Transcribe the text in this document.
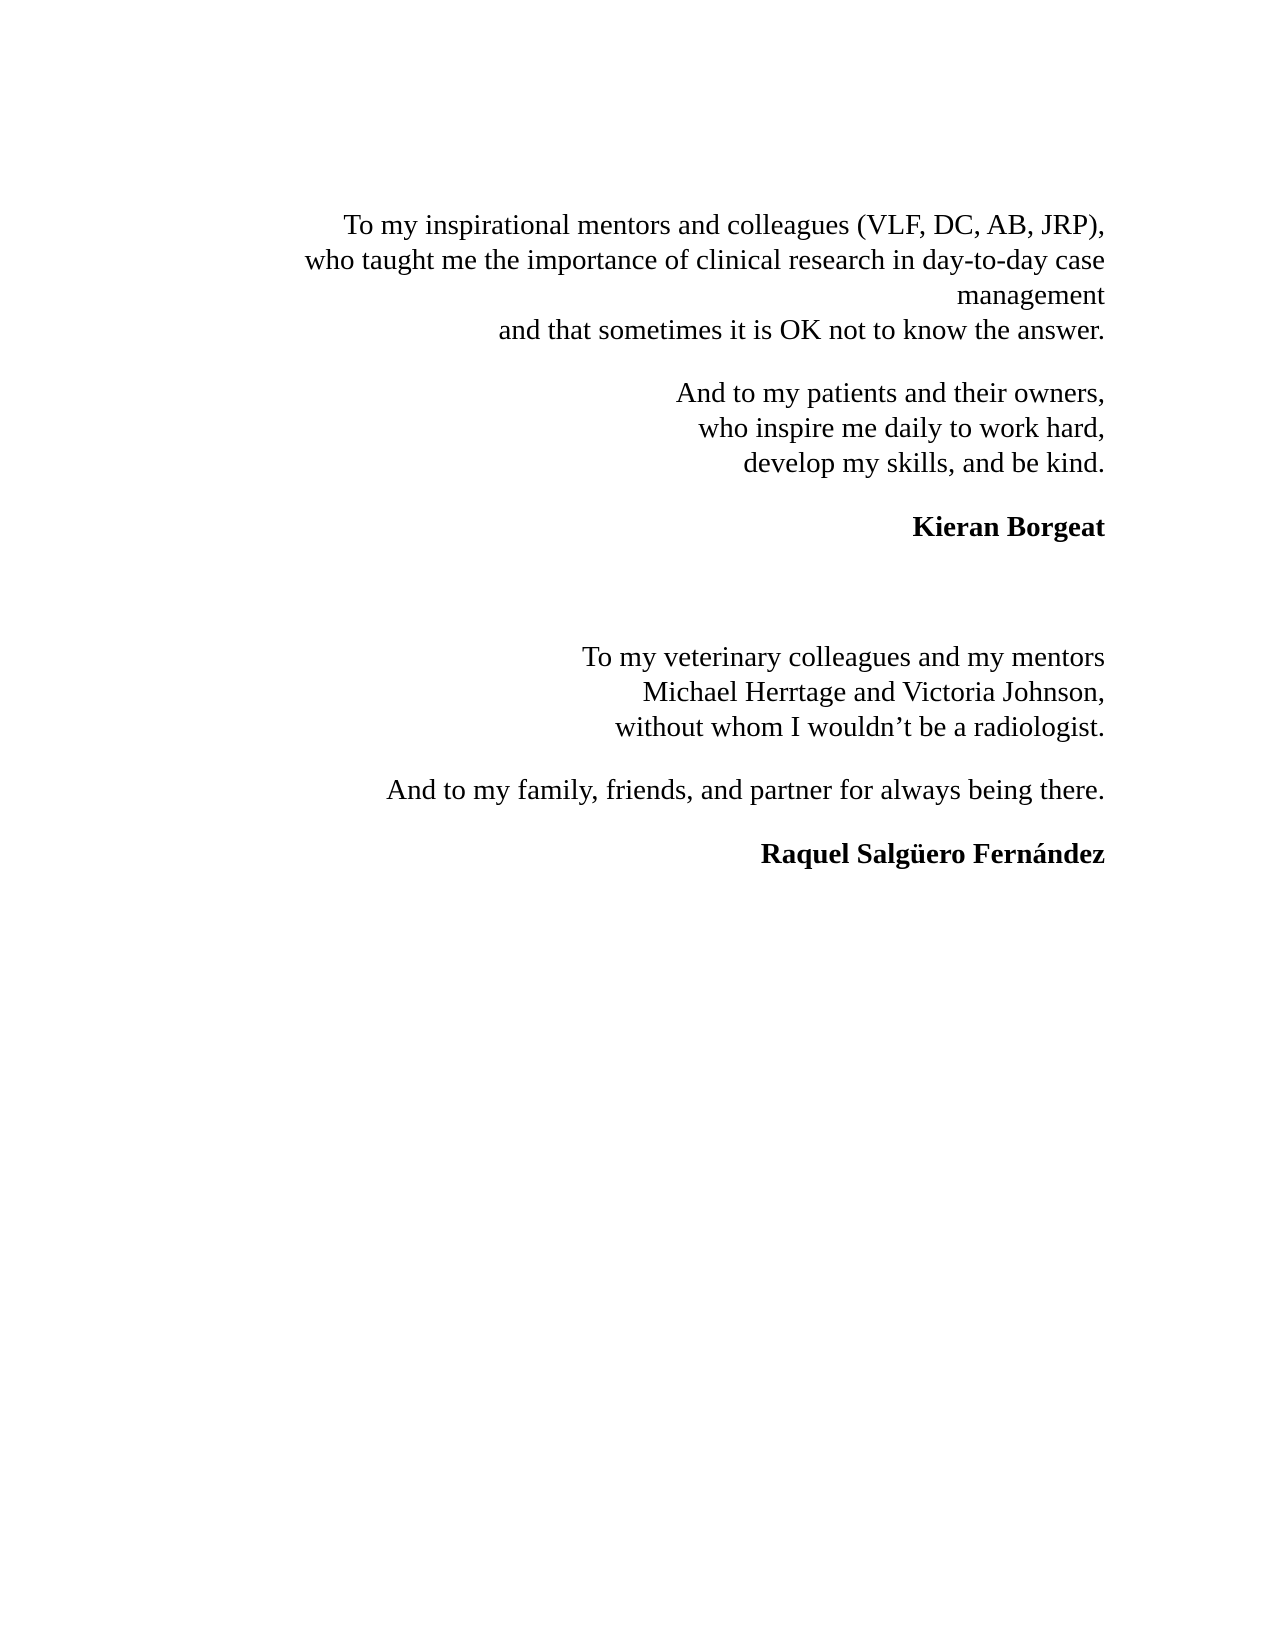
To my inspirational mentors and colleagues (VLF, DC, AB, JRP),
who taught me the importance of clinical research in day-to-day case
management
and that sometimes it is OK not to know the answer.

And to my patients and their owners,
who inspire me daily to work hard,
develop my skills, and be kind.

Kieran Borgeat

To my veterinary colleagues and my mentors
Michael Herrtage and Victoria Johnson,
without whom I wouldn’t be a radiologist.

And to my family, friends, and partner for always being there.

Raquel Salgüero Fernández
